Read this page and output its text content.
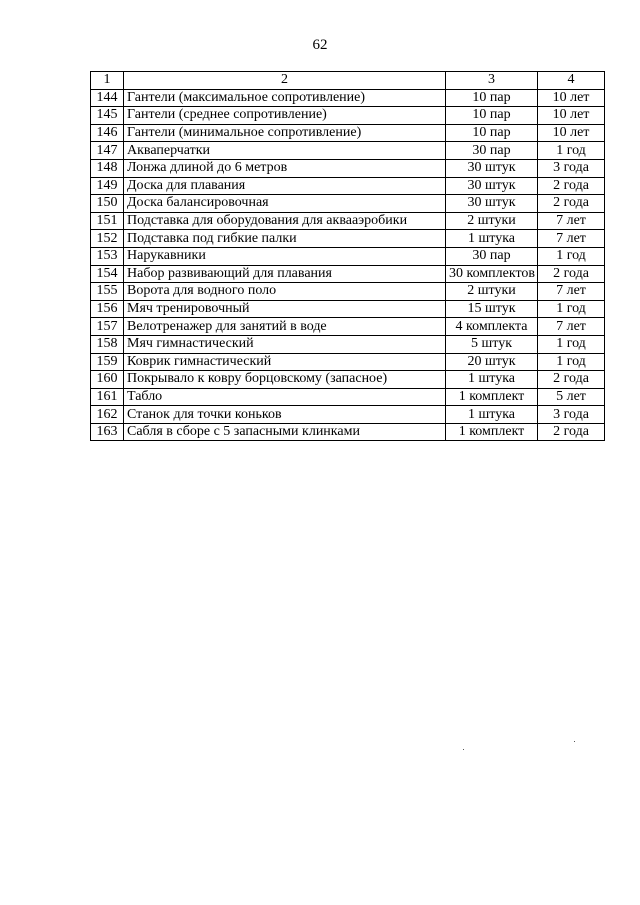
62
1	2	3	4
144	Гантели (максимальное сопротивление)	10 пар	10 лет
145	Гантели (среднее сопротивление)	10 пар	10 лет
146	Гантели (минимальное сопротивление)	10 пар	10 лет
147	Акваперчатки	30 пар	1 год
148	Лонжа длиной до 6 метров	30 штук	3 года
149	Доска для плавания	30 штук	2 года
150	Доска балансировочная	30 штук	2 года
151	Подставка для оборудования для аквааэробики	2 штуки	7 лет
152	Подставка под гибкие палки	1 штука	7 лет
153	Нарукавники	30 пар	1 год
154	Набор развивающий для плавания	30 комплектов	2 года
155	Ворота для водного поло	2 штуки	7 лет
156	Мяч тренировочный	15 штук	1 год
157	Велотренажер для занятий в воде	4 комплекта	7 лет
158	Мяч гимнастический	5 штук	1 год
159	Коврик гимнастический	20 штук	1 год
160	Покрывало к ковру борцовскому (запасное)	1 штука	2 года
161	Табло	1 комплект	5 лет
162	Станок для точки коньков	1 штука	3 года
163	Сабля в сборе с 5 запасными клинками	1 комплект	2 года
